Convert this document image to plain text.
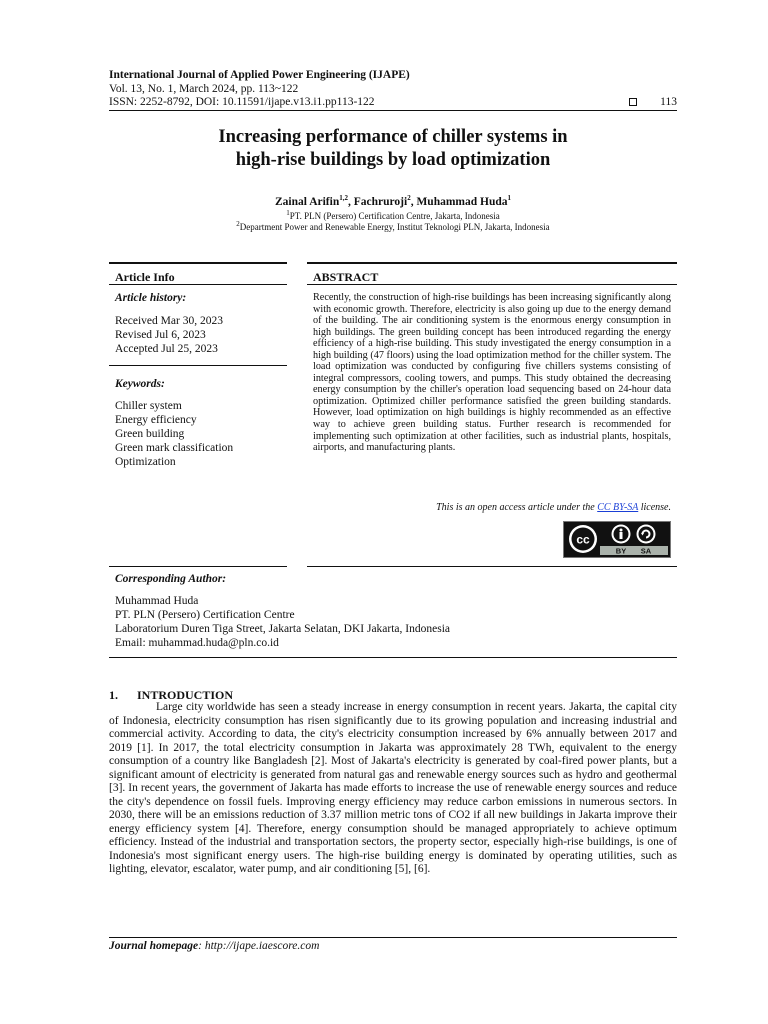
International Journal of Applied Power Engineering (IJAPE)
Vol. 13, No. 1, March 2024, pp. 113~122
ISSN: 2252-8792, DOI: 10.11591/ijape.v13.i1.pp113-122	113
Increasing performance of chiller systems in
high-rise buildings by load optimization
Zainal Arifin$^{1,2}$, Fachruroji$^2$, Muhammad Huda$^1$
$^1$PT. PLN (Persero) Certification Centre, Jakarta, Indonesia
$^2$Department Power and Renewable Energy, Institut Teknologi PLN, Jakarta, Indonesia
Article Info	ABSTRACT
Article history:
Received Mar 30, 2023
Revised Jul 6, 2023
Accepted Jul 25, 2023
Keywords:
Chiller system
Energy efficiency
Green building
Green mark classification
Optimization
Recently, the construction of high-rise buildings has been increasing significantly along with economic growth. Therefore, electricity is also going up due to the energy demand of the building. The air conditioning system is the enormous energy consumption in high buildings. The green building concept has been introduced regarding the energy efficiency of a high-rise building. This study investigated the energy consumption in a high building (47 floors) using the load optimization method for the chiller system. The load optimization was conducted by configuring five chillers systems consisting of integral compressors, cooling towers, and pumps. This study obtained the decreasing energy consumption by the chiller's operation load sequencing based on 24-hour data optimization. Optimized chiller performance satisfied the green building standards. However, load optimization on high buildings is highly recommended as an effective way to achieve green building status. Further research is recommended for implementing such optimization at other facilities, such as industrial plants, hospitals, airports, and manufacturing plants.
This is an open access article under the CC BY-SA license.
cc
BY SA
Corresponding Author:
Muhammad Huda
PT. PLN (Persero) Certification Centre
Laboratorium Duren Tiga Street, Jakarta Selatan, DKI Jakarta, Indonesia
Email: muhammad.huda@pln.co.id
1. INTRODUCTION
Large city worldwide has seen a steady increase in energy consumption in recent years. Jakarta, the capital city of Indonesia, electricity consumption has risen significantly due to its growing population and increasing industrial and commercial activity. According to data, the city's electricity consumption increased by 6% annually between 2017 and 2019 [1]. In 2017, the total electricity consumption in Jakarta was approximately 28 TWh, equivalent to the energy consumption of a country like Bangladesh [2]. Most of Jakarta's electricity is generated by coal-fired power plants, but a significant amount of electricity is generated from natural gas and renewable energy sources such as hydro and geothermal [3]. In recent years, the government of Jakarta has made efforts to increase the use of renewable energy sources and reduce the city's dependence on fossil fuels. Improving energy efficiency may reduce carbon emissions in numerous sectors. In 2030, there will be an emissions reduction of 3.37 million metric tons of CO2 if all new buildings in Jakarta improve their energy efficiency system [4]. Therefore, energy consumption should be managed appropriately to achieve optimum efficiency. Instead of the industrial and transportation sectors, the property sector, especially high-rise buildings, is one of Indonesia's most significant energy users. The high-rise building energy is dominated by operating utilities, such as lighting, elevator, escalator, water pump, and air conditioning [5], [6].
Journal homepage: http://ijape.iaescore.com
